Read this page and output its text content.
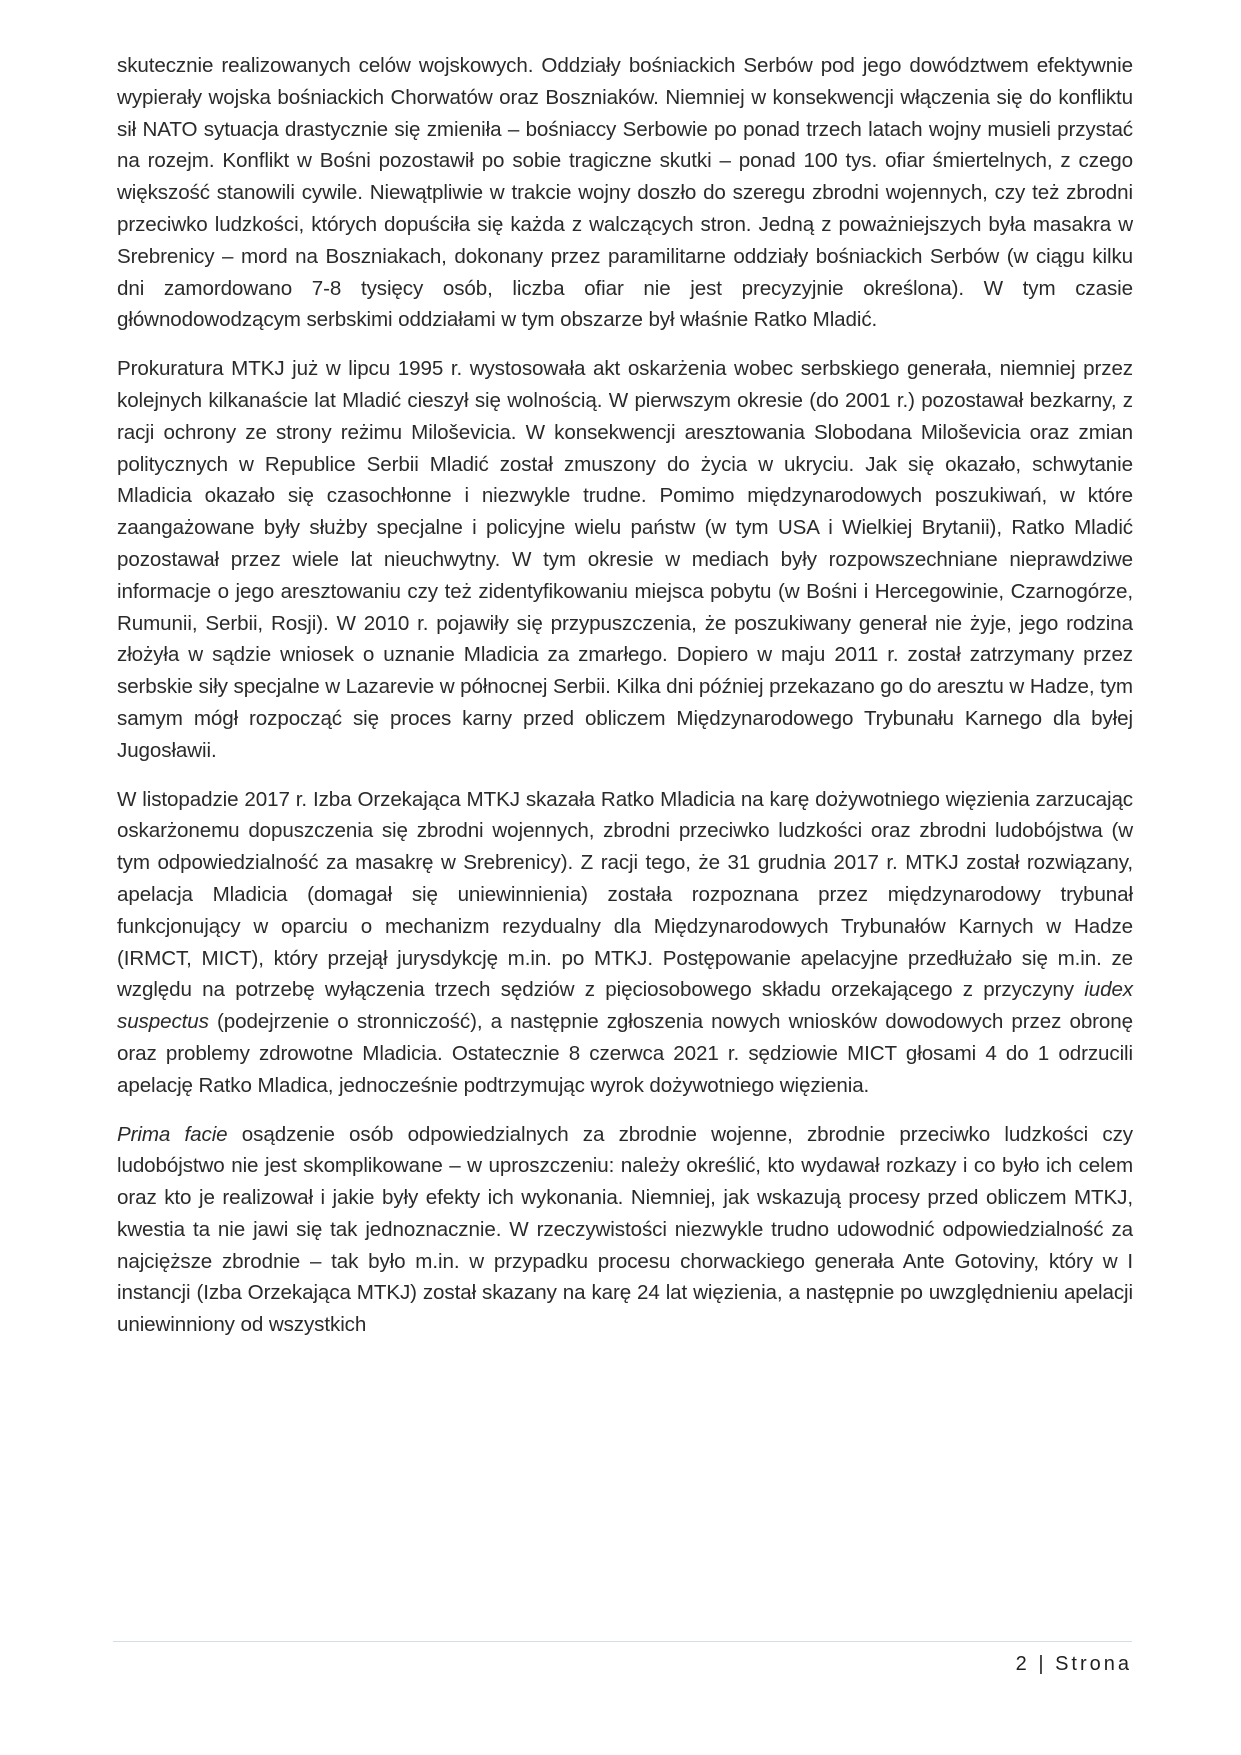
skutecznie realizowanych celów wojskowych. Oddziały bośniackich Serbów pod jego dowództwem efektywnie wypierały wojska bośniackich Chorwatów oraz Boszniaków. Niemniej w konsekwencji włączenia się do konfliktu sił NATO sytuacja drastycznie się zmieniła – bośniaccy Serbowie po ponad trzech latach wojny musieli przystać na rozejm. Konflikt w Bośni pozostawił po sobie tragiczne skutki – ponad 100 tys. ofiar śmiertelnych, z czego większość stanowili cywile. Niewątpliwie w trakcie wojny doszło do szeregu zbrodni wojennych, czy też zbrodni przeciwko ludzkości, których dopuściła się każda z walczących stron. Jedną z poważniejszych była masakra w Srebrenicy – mord na Boszniakach, dokonany przez paramilitarne oddziały bośniackich Serbów (w ciągu kilku dni zamordowano 7-8 tysięcy osób, liczba ofiar nie jest precyzyjnie określona). W tym czasie głównodowodzącym serbskimi oddziałami w tym obszarze był właśnie Ratko Mladić.

Prokuratura MTKJ już w lipcu 1995 r. wystosowała akt oskarżenia wobec serbskiego generała, niemniej przez kolejnych kilkanaście lat Mladić cieszył się wolnością. W pierwszym okresie (do 2001 r.) pozostawał bezkarny, z racji ochrony ze strony reżimu Miloševicia. W konsekwencji aresztowania Slobodana Miloševicia oraz zmian politycznych w Republice Serbii Mladić został zmuszony do życia w ukryciu. Jak się okazało, schwytanie Mladicia okazało się czasochłonne i niezwykle trudne. Pomimo międzynarodowych poszukiwań, w które zaangażowane były służby specjalne i policyjne wielu państw (w tym USA i Wielkiej Brytanii), Ratko Mladić pozostawał przez wiele lat nieuchwytny. W tym okresie w mediach były rozpowszechniane nieprawdziwe informacje o jego aresztowaniu czy też zidentyfikowaniu miejsca pobytu (w Bośni i Hercegowinie, Czarnogórze, Rumunii, Serbii, Rosji). W 2010 r. pojawiły się przypuszczenia, że poszukiwany generał nie żyje, jego rodzina złożyła w sądzie wniosek o uznanie Mladicia za zmarłego. Dopiero w maju 2011 r. został zatrzymany przez serbskie siły specjalne w Lazarevie w północnej Serbii. Kilka dni później przekazano go do aresztu w Hadze, tym samym mógł rozpocząć się proces karny przed obliczem Międzynarodowego Trybunału Karnego dla byłej Jugosławii.

W listopadzie 2017 r. Izba Orzekająca MTKJ skazała Ratko Mladicia na karę dożywotniego więzienia zarzucając oskarżonemu dopuszczenia się zbrodni wojennych, zbrodni przeciwko ludzkości oraz zbrodni ludobójstwa (w tym odpowiedzialność za masakrę w Srebrenicy). Z racji tego, że 31 grudnia 2017 r. MTKJ został rozwiązany, apelacja Mladicia (domagał się uniewinnienia) została rozpoznana przez międzynarodowy trybunał funkcjonujący w oparciu o mechanizm rezydualny dla Międzynarodowych Trybunałów Karnych w Hadze (IRMCT, MICT), który przejął jurysdykcję m.in. po MTKJ. Postępowanie apelacyjne przedłużało się m.in. ze względu na potrzebę wyłączenia trzech sędziów z pięciosobowego składu orzekającego z przyczyny iudex suspectus (podejrzenie o stronniczość), a następnie zgłoszenia nowych wniosków dowodowych przez obronę oraz problemy zdrowotne Mladicia. Ostatecznie 8 czerwca 2021 r. sędziowie MICT głosami 4 do 1 odrzucili apelację Ratko Mladica, jednocześnie podtrzymując wyrok dożywotniego więzienia.

Prima facie osądzenie osób odpowiedzialnych za zbrodnie wojenne, zbrodnie przeciwko ludzkości czy ludobójstwo nie jest skomplikowane – w uproszczeniu: należy określić, kto wydawał rozkazy i co było ich celem oraz kto je realizował i jakie były efekty ich wykonania. Niemniej, jak wskazują procesy przed obliczem MTKJ, kwestia ta nie jawi się tak jednoznacznie. W rzeczywistości niezwykle trudno udowodnić odpowiedzialność za najcięższe zbrodnie – tak było m.in. w przypadku procesu chorwackiego generała Ante Gotoviny, który w I instancji (Izba Orzekająca MTKJ) został skazany na karę 24 lat więzienia, a następnie po uwzględnieniu apelacji uniewinniony od wszystkich

2 | Strona
